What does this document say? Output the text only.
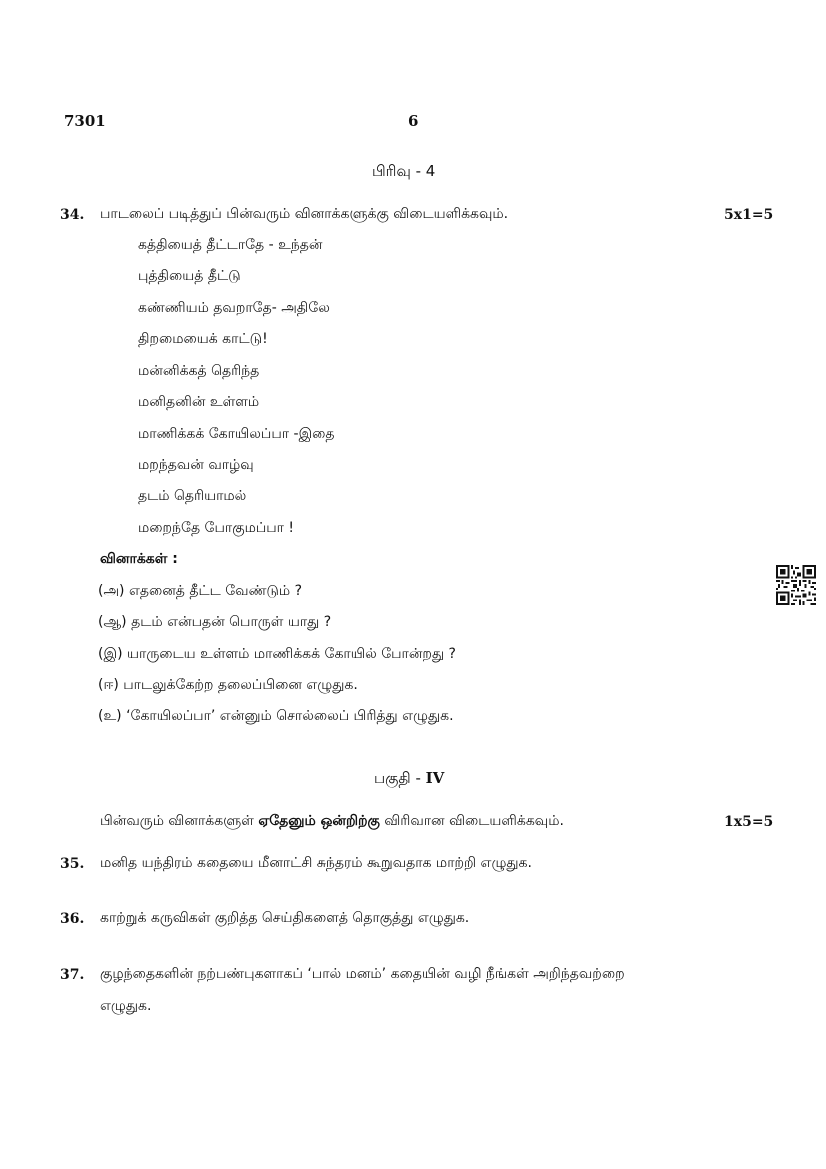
7301	6
பிரிவு - 4
34. பாடலைப் படித்துப் பின்வரும் வினாக்களுக்கு விடையளிக்கவும்.	5x1=5
கத்தியைத் தீட்டாதே - உந்தன்
புத்தியைத் தீட்டு
கண்ணியம் தவறாதே- அதிலே
திறமையைக் காட்டு!
மன்னிக்கத் தெரிந்த
மனிதனின் உள்ளம்
மாணிக்கக் கோயிலப்பா -இதை
மறந்தவன் வாழ்வு
தடம் தெரியாமல்
மறைந்தே போகுமப்பா !
வினாக்கள் :
(அ) எதனைத் தீட்ட வேண்டும் ?
(ஆ) தடம் என்பதன் பொருள் யாது ?
(இ) யாருடைய உள்ளம் மாணிக்கக் கோயில் போன்றது ?
(ஈ) பாடலுக்கேற்ற தலைப்பினை எழுதுக.
(உ) ‘கோயிலப்பா’ என்னும் சொல்லைப் பிரித்து எழுதுக.
பகுதி - IV
பின்வரும் வினாக்களுள் ஏதேனும் ஒன்றிற்கு விரிவான விடையளிக்கவும்.	1x5=5
35. மனித யந்திரம் கதையை மீனாட்சி சுந்தரம் கூறுவதாக மாற்றி எழுதுக.
36. காற்றுக் கருவிகள் குறித்த செய்திகளைத் தொகுத்து எழுதுக.
37. குழந்தைகளின் நற்பண்புகளாகப் ‘பால் மனம்’ கதையின் வழி நீங்கள் அறிந்தவற்றை
எழுதுக.
